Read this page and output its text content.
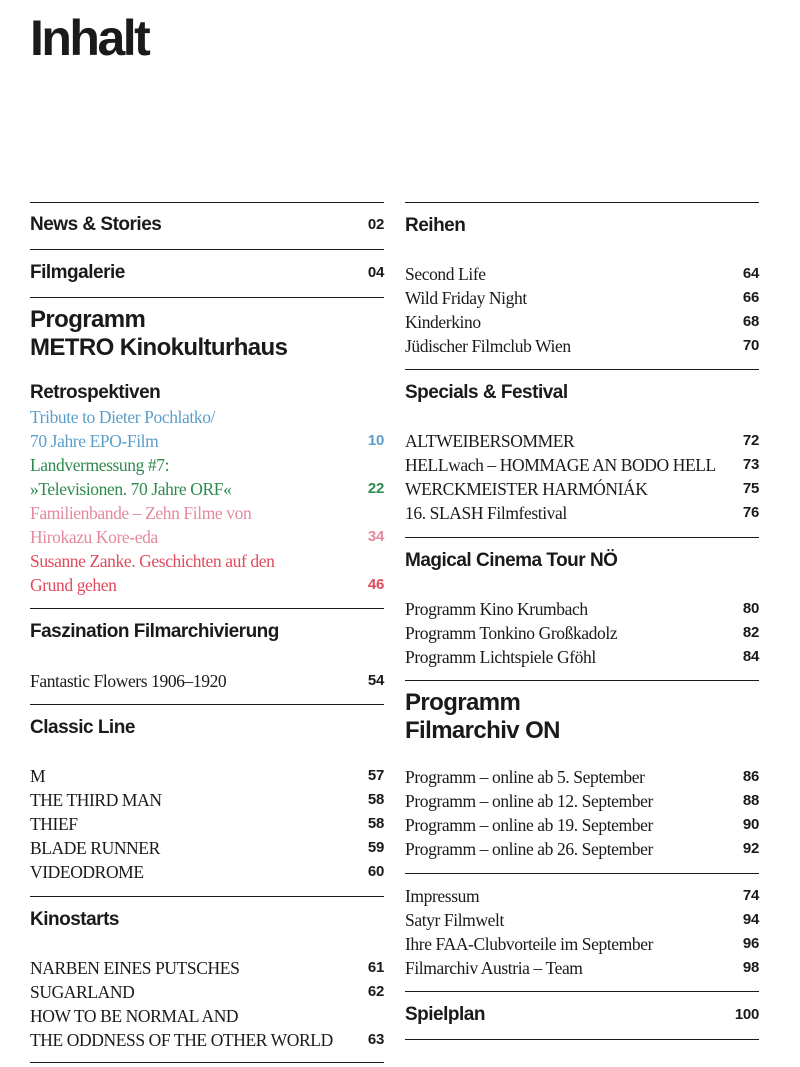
Inhalt
News & Stories	02
Filmgalerie	04
Programm
METRO Kinokulturhaus
Retrospektiven
Tribute to Dieter Pochlatko/
70 Jahre EPO-Film	10
Landvermessung #7:
»Televisionen. 70 Jahre ORF«	22
Familienbande – Zehn Filme von
Hirokazu Kore-eda	34
Susanne Zanke. Geschichten auf den
Grund gehen	46
Faszination Filmarchivierung
Fantastic Flowers 1906–1920	54
Classic Line
M	57
THE THIRD MAN	58
THIEF	58
BLADE RUNNER	59
VIDEODROME	60
Kinostarts
NARBEN EINES PUTSCHES	61
SUGARLAND	62
HOW TO BE NORMAL AND
THE ODDNESS OF THE OTHER WORLD	63
Reihen
Second Life	64
Wild Friday Night	66
Kinderkino	68
Jüdischer Filmclub Wien	70
Specials & Festival
ALTWEIBERSOMMER	72
HELLwach – HOMMAGE AN BODO HELL 73
WERCKMEISTER HARMÓNIÁK	75
16. SLASH Filmfestival	76
Magical Cinema Tour NÖ
Programm Kino Krumbach	80
Programm Tonkino Großkadolz	82
Programm Lichtspiele Gföhl	84
Programm
Filmarchiv ON
Programm – online ab 5. September	86
Programm – online ab 12. September	88
Programm – online ab 19. September	90
Programm – online ab 26. September	92
Impressum	74
Satyr Filmwelt	94
Ihre FAA-Clubvorteile im September	96
Filmarchiv Austria – Team	98
Spielplan	100
